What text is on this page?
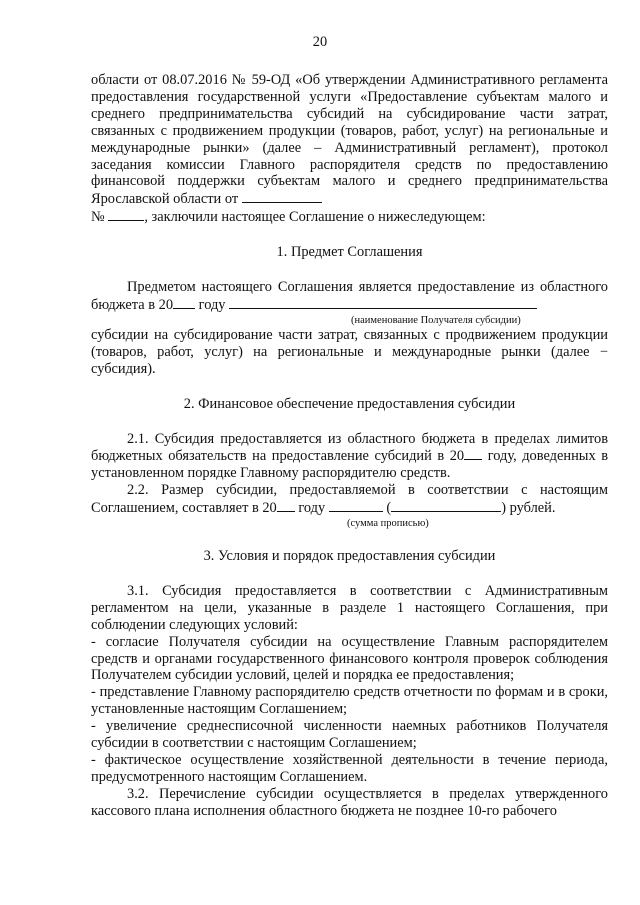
20

области от 08.07.2016 № 59-ОД «Об утверждении Административного регламента предоставления государственной услуги «Предоставление субъектам малого и среднего предпринимательства субсидий на субсидирование части затрат, связанных с продвижением продукции (товаров, работ, услуг) на региональные и международные рынки» (далее – Административный регламент), протокол заседания комиссии Главного распорядителя средств по предоставлению финансовой поддержки субъектам малого и среднего предпринимательства Ярославской области от
№	, заключили настоящее Соглашение о нижеследующем:

1. Предмет Соглашения

Предметом настоящего Соглашения является предоставление из областного бюджета в 20 году

(наименование Получателя субсидии)

субсидии на субсидирование части затрат, связанных с продвижением продукции (товаров, работ, услуг) на региональные и международные рынки (далее − субсидия).

2. Финансовое обеспечение предоставления субсидии

2.1. Субсидия предоставляется из областного бюджета в пределах лимитов бюджетных обязательств на предоставление субсидий в 20 году, доведенных в установленном порядке Главному распорядителю средств.

2.2. Размер субсидии, предоставляемой в соответствии с настоящим Соглашением, составляет в 20 году	(	) рублей.

(сумма прописью)

3. Условия и порядок предоставления субсидии

3.1. Субсидия предоставляется в соответствии с Административным регламентом на цели, указанные в разделе 1 настоящего Соглашения, при соблюдении следующих условий:

- согласие Получателя субсидии на осуществление Главным распорядителем средств и органами государственного финансового контроля проверок соблюдения Получателем субсидии условий, целей и порядка ее предоставления;

- представление Главному распорядителю средств отчетности по формам и в сроки, установленные настоящим Соглашением;

- увеличение среднесписочной численности наемных работников Получателя субсидии в соответствии с настоящим Соглашением;

- фактическое осуществление хозяйственной деятельности в течение периода, предусмотренного настоящим Соглашением.

3.2. Перечисление субсидии осуществляется в пределах утвержденного кассового плана исполнения областного бюджета не позднее 10-го рабочего
